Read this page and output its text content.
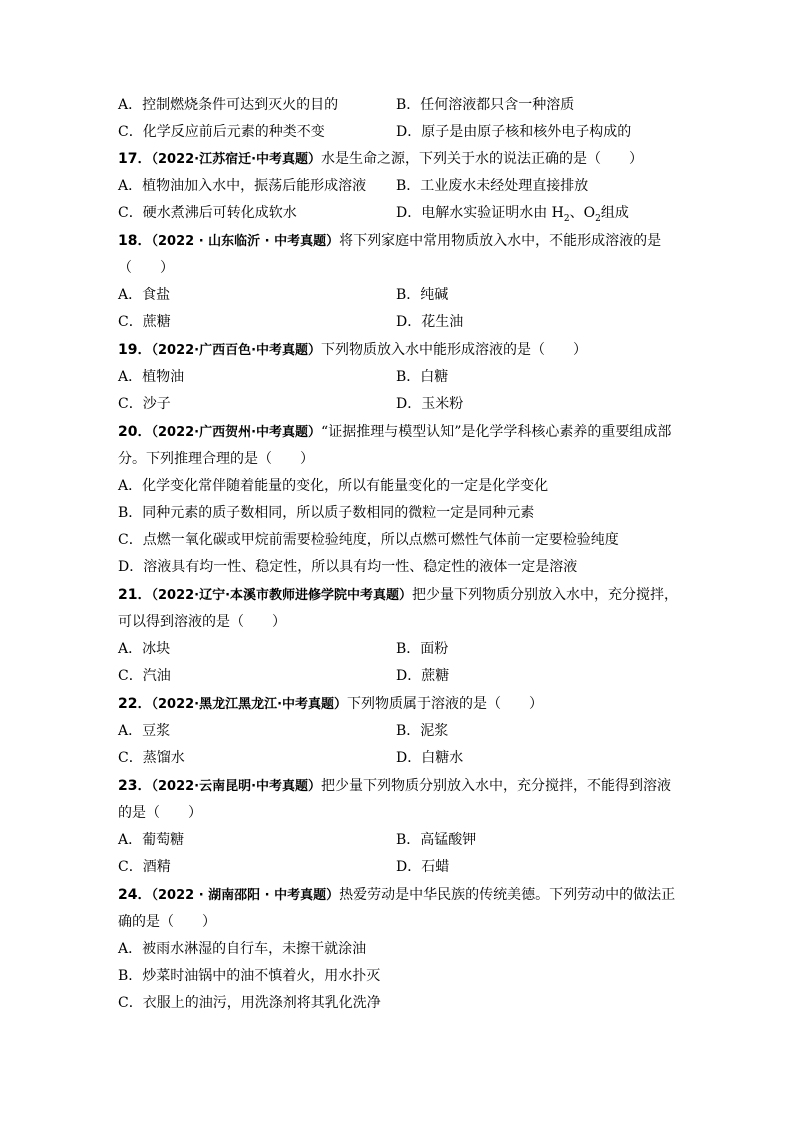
A．控制燃烧条件可达到灭火的目的	B．任何溶液都只含一种溶质
C．化学反应前后元素的种类不变	D．原子是由原子核和核外电子构成的
17．（2022·江苏宿迁·中考真题）水是生命之源，下列关于水的说法正确的是（　　）
A．植物油加入水中，振荡后能形成溶液 B．工业废水未经处理直接排放
C．硬水煮沸后可转化成软水	D．电解水实验证明水由 $H_2$、$O_2$组成
18．（2022 · 山东临沂 · 中考真题）将下列家庭中常用物质放入水中，不能形成溶液的是
（　　）
A．食盐	B．纯碱
C．蔗糖	D．花生油
19．（2022·广西百色·中考真题）下列物质放入水中能形成溶液的是（　　）
A．植物油	B．白糖
C．沙子	D．玉米粉
20．（2022·广西贺州·中考真题）“证据推理与模型认知”是化学学科核心素养的重要组成部
分。下列推理合理的是（　　）
A．化学变化常伴随着能量的变化，所以有能量变化的一定是化学变化
B．同种元素的质子数相同，所以质子数相同的微粒一定是同种元素
C．点燃一氧化碳或甲烷前需要检验纯度，所以点燃可燃性气体前一定要检验纯度
D．溶液具有均一性、稳定性，所以具有均一性、稳定性的液体一定是溶液
21．（2022·辽宁·本溪市教师进修学院中考真题）把少量下列物质分别放入水中，充分搅拌，
可以得到溶液的是（　　）
A．冰块	B．面粉
C．汽油	D．蔗糖
22．（2022·黑龙江黑龙江·中考真题）下列物质属于溶液的是（　　）
A．豆浆	B．泥浆
C．蒸馏水	D．白糖水
23．（2022·云南昆明·中考真题）把少量下列物质分别放入水中，充分搅拌，不能得到溶液
的是（　　）
A．葡萄糖	B．高锰酸钾
C．酒精	D．石蜡
24．（2022 · 湖南邵阳 · 中考真题）热爱劳动是中华民族的传统美德。下列劳动中的做法正
确的是（　　）
A．被雨水淋湿的自行车，未擦干就涂油
B．炒菜时油锅中的油不慎着火，用水扑灭
C．衣服上的油污，用洗涤剂将其乳化洗净
